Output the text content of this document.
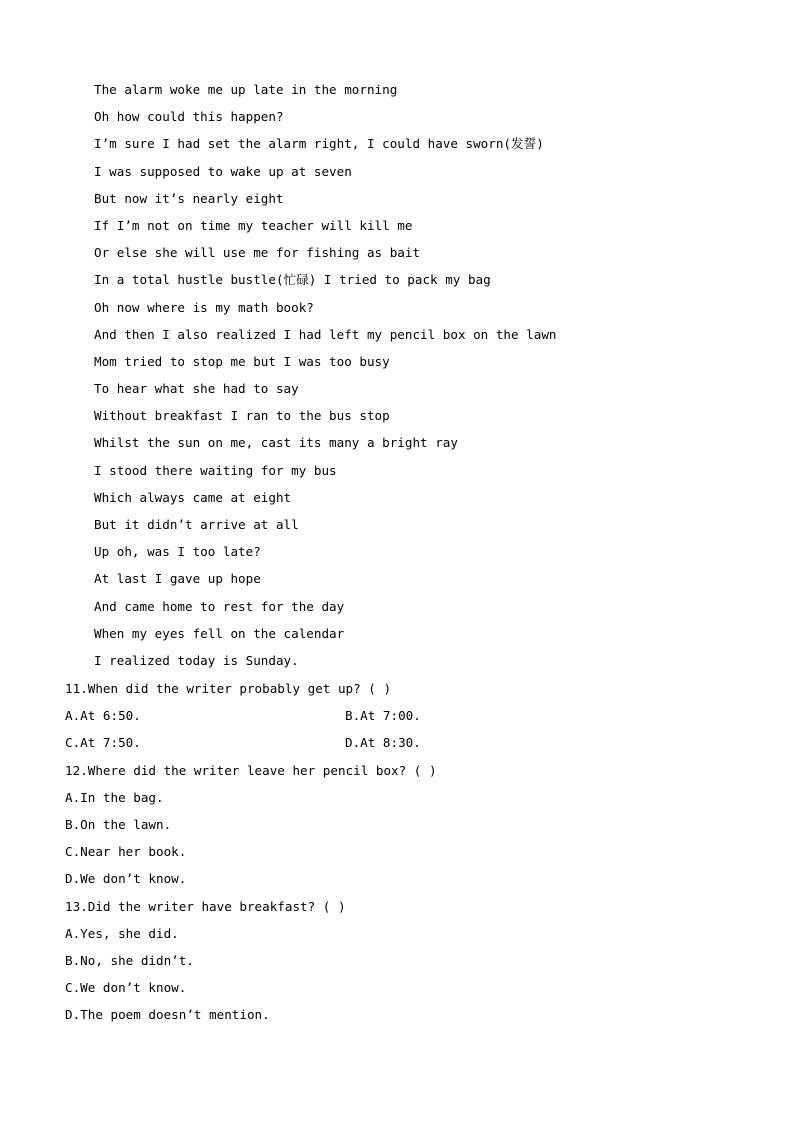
The alarm woke me up late in the morning
Oh how could this happen?
I’m sure I had set the alarm right, I could have sworn(发誓)
I was supposed to wake up at seven
But now it’s nearly eight
If I’m not on time my teacher will kill me
Or else she will use me for fishing as bait
In a total hustle bustle(忙碌) I tried to pack my bag
Oh now where is my math book?
And then I also realized I had left my pencil box on the lawn
Mom tried to stop me but I was too busy
To hear what she had to say
Without breakfast I ran to the bus stop
Whilst the sun on me, cast its many a bright ray
I stood there waiting for my bus
Which always came at eight
But it didn’t arrive at all
Up oh, was I too late?
At last I gave up hope
And came home to rest for the day
When my eyes fell on the calendar
I realized today is Sunday.
11.When did the writer probably get up? ( )
A.At 6:50.	B.At 7:00.
C.At 7:50.	D.At 8:30.
12.Where did the writer leave her pencil box? ( )
A.In the bag.
B.On the lawn.
C.Near her book.
D.We don’t know.
13.Did the writer have breakfast? ( )
A.Yes, she did.
B.No, she didn’t.
C.We don’t know.
D.The poem doesn’t mention.
